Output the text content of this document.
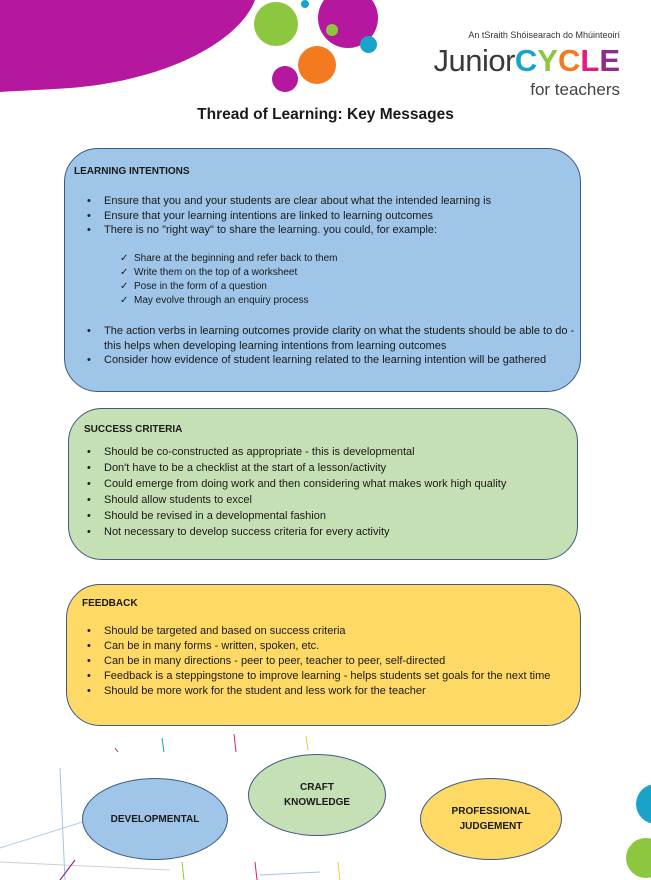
An tSraith Shóisearach do Mhúinteoirí
JuniorCYCLE
for teachers
Thread of Learning: Key Messages
LEARNING INTENTIONS
• Ensure that you and your students are clear about what the intended learning is
• Ensure that your learning intentions are linked to learning outcomes
• There is no "right way" to share the learning. you could, for example:
✓ Share at the beginning and refer back to them
✓ Write them on the top of a worksheet
✓ Pose in the form of a question
✓ May evolve through an enquiry process
• The action verbs in learning outcomes provide clarity on what the students should be able to do - this helps when developing learning intentions from learning outcomes
• Consider how evidence of student learning related to the learning intention will be gathered
SUCCESS CRITERIA
• Should be co-constructed as appropriate - this is developmental
• Don't have to be a checklist at the start of a lesson/activity
• Could emerge from doing work and then considering what makes work high quality
• Should allow students to excel
• Should be revised in a developmental fashion
• Not necessary to develop success criteria for every activity
FEEDBACK
• Should be targeted and based on success criteria
• Can be in many forms - written, spoken, etc.
• Can be in many directions - peer to peer, teacher to peer, self-directed
• Feedback is a steppingstone to improve learning - helps students set goals for the next time
• Should be more work for the student and less work for the teacher
DEVELOPMENTAL
CRAFT
KNOWLEDGE
PROFESSIONAL
JUDGEMENT
